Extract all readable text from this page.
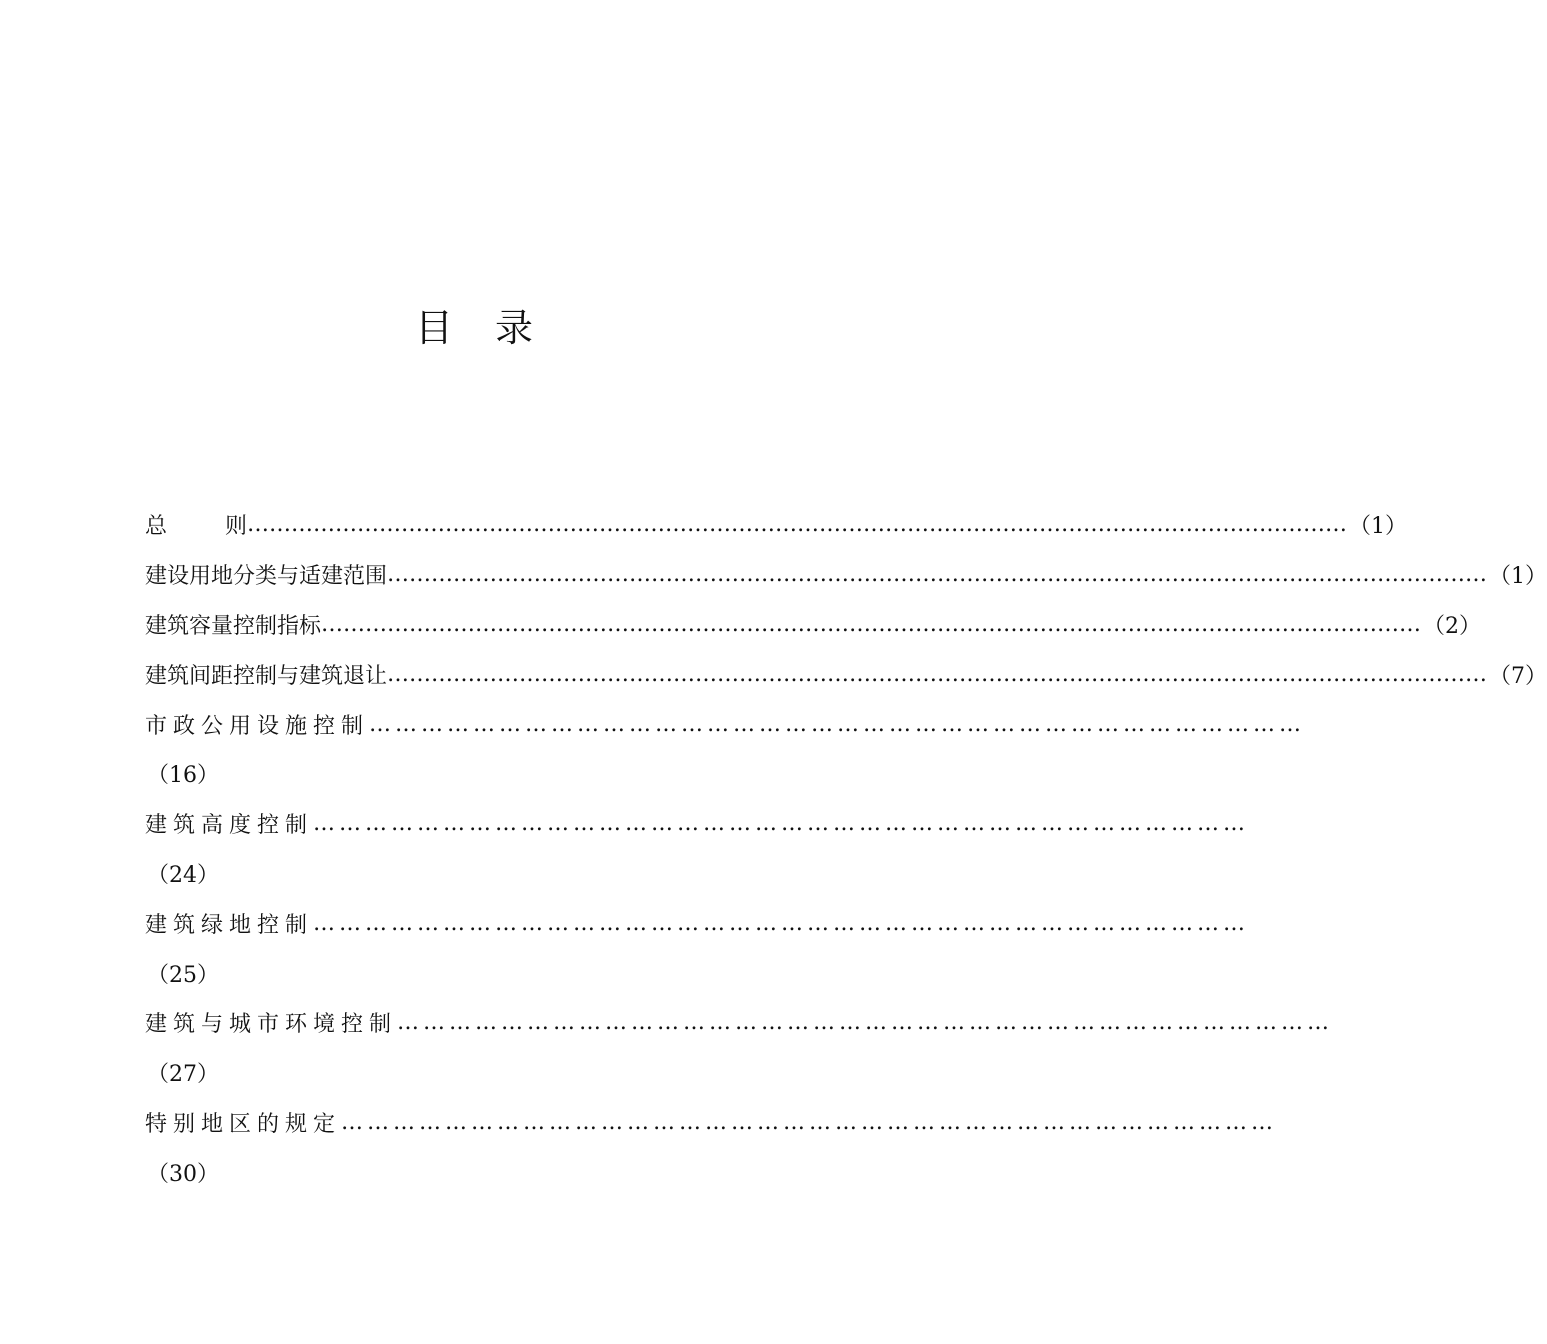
目　录
总	则 …………………………………………………………………………………………………………………………………… （1）
建设用地分类与适建范围 …………………………………………………………………………………………………………………………………… （1）
建筑容量控制指标 …………………………………………………………………………………………………………………………………… （2）
建筑间距控制与建筑退让 …………………………………………………………………………………………………………………………………… （7）
市政公用设施控制 ………………………………………………………………………………………………
（16）
建筑高度控制 ………………………………………………………………………………………………
（24）
建筑绿地控制 ………………………………………………………………………………………………
（25）
建筑与城市环境控制 ………………………………………………………………………………………………
（27）
特别地区的规定 ………………………………………………………………………………………………
（30）
